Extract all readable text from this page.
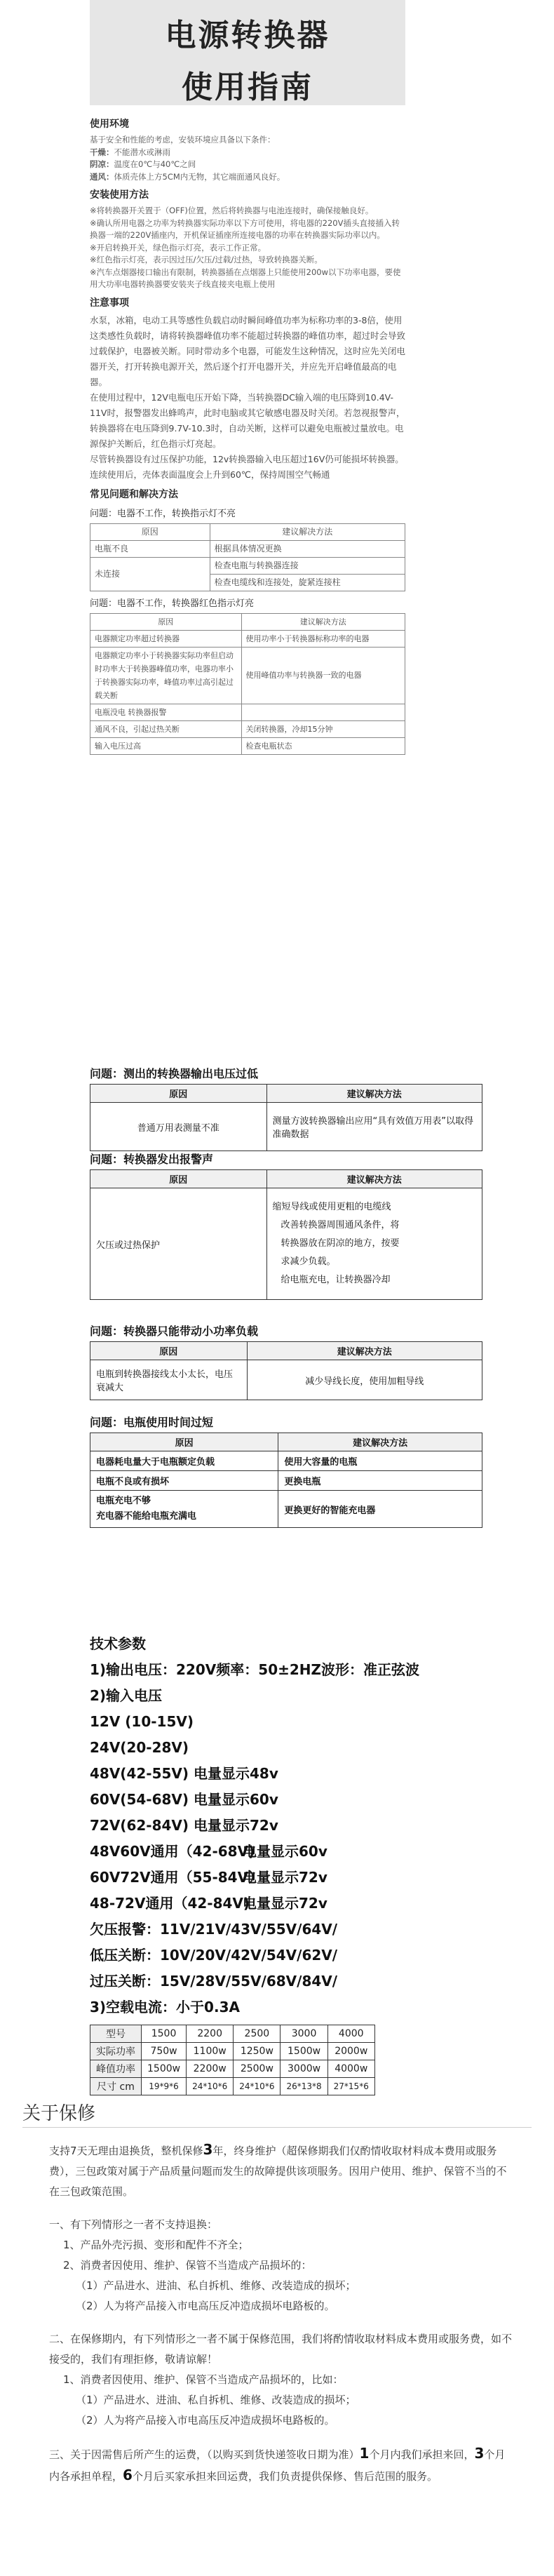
电源转换器
使用指南
使用环境

基于安全和性能的考虑，安装环境应具备以下条件：

干燥：不能潜水或淋雨

阴凉：温度在0℃与40℃之间

通风：体质壳体上方5CM内无物，其它端面通风良好。

安装使用方法

※将转换器开关置于（OFF)位置，然后将转换器与电池连接时，确保接触良好。

※确认所用电器之功率为转换器实际功率以下方可使用，将电器的220V插头直接插入转换器一端的220V插座内，开机保证插座所连接电器的功率在转换器实际功率以内。

※开启转换开关，绿色指示灯亮，表示工作正常。

※红色指示灯亮，表示因过压/欠压/过载/过热，导致转换器关断。

※汽车点烟器接口输出有限制，转换器插在点烟器上只能使用200w以下功率电器，要使用大功率电器转换器要安装夹子线直接夹电瓶上使用

注意事项

水泵，冰箱，电动工具等感性负载启动时瞬间峰值功率为标称功率的3-8倍，使用这类感性负载时，请将转换器峰值功率不能超过转换器的峰值功率，超过时会导致过载保护，电器被关断。同时带动多个电器，可能发生这种情况，这时应先关闭电器开关，打开转换电源开关，然后逐个打开电器开关，并应先开启峰值最高的电器。

在使用过程中，12V电瓶电压开始下降，当转换器DC输入端的电压降到10.4V-11V时，报警器发出蜂鸣声，此时电脑或其它敏感电器及时关闭。若忽视报警声，转换器将在电压降到9.7V-10.3时，自动关断，这样可以避免电瓶被过量放电。电源保护关断后，红色指示灯亮起。

尽管转换器设有过压保护功能，12v转换器输入电压超过16V仍可能损坏转换器。

连续使用后，壳体表面温度会上升到60℃，保持周围空气畅通

常见问题和解决方法
问题：电器不工作，转换指示灯不亮
原因	建议解决方法
电瓶不良	根据具体情况更换
未连接	检查电瓶与转换器连接
	检查电缆线和连接处，旋紧连接柱
问题：电器不工作，转换器红色指示灯亮
原因	建议解决方法
电器额定功率超过转换器	使用功率小于转换器标称功率的电器
电器额定功率小于转换器实际功率但启动时功率大于转换器峰值功率，电器功率小于转换器实际功率，峰值功率过高引起过载关断	使用峰值功率与转换器一致的电器
电瓶没电 转换器报警	
通风不良，引起过热关断	关闭转换器，冷却15分钟
输入电压过高	检查电瓶状态
问题：测出的转换器输出电压过低
原因	建议解决方法
普通万用表测量不准	测量方波转换器输出应用“具有效值万用表”以取得准确数据
问题：转换器发出报警声
原因	建议解决方法
欠压或过热保护	缩短导线或使用更粗的电缆线
改善转换器周围通风条件，将
转换器放在阴凉的地方，按要
求减少负载。
给电瓶充电，让转换器冷却
问题：转换器只能带动小功率负载
原因	建议解决方法
电瓶到转换器接线太小太长，电压衰减大	减少导线长度，使用加粗导线
问题：电瓶使用时间过短
原因	建议解决方法
电器耗电量大于电瓶额定负载	使用大容量的电瓶
电瓶不良或有损坏	更换电瓶
电瓶充电不够
充电器不能给电瓶充满电	更换更好的智能充电器
技术参数
1)输出电压：220V频率：50±2HZ波形：准正弦波
2)输入电压
12V (10-15V)
24V(20-28V)
48V(42-55V) 电量显示48v
60V(54-68V) 电量显示60v
72V(62-84V) 电量显示72v
48V60V通用（42-68V)
电量显示60v
60V72V通用（55-84V）
电量显示72v
48-72V通用（42-84V)
电量显示72v
欠压报警：11V/21V/43V/55V/64V/
低压关断：10V/20V/42V/54V/62V/
过压关断：15V/28V/55V/68V/84V/
3)空载电流：小于0.3A
型号	1500	2200	2500	3000	4000
实际功率	750w	1100w	1250w	1500w	2000w
峰值功率	1500w	2200w	2500w	3000w	4000w
尺寸 cm	19*9*6	24*10*6	24*10*6	26*13*8	27*15*6
关于保修

支持7天无理由退换货，整机保修3年，终身维护（超保修期我们仅酌情收取材料成本费用或服务费），三包政策对属于产品质量问题而发生的故障提供该项服务。因用户使用、维护、保管不当的不在三包政策范围。

一、有下列情形之一者不支持退换：

1、产品外壳污损、变形和配件不齐全；

2、消费者因使用、维护、保管不当造成产品损坏的：

（1）产品进水、进油、私自拆机、维修、改装造成的损坏；

（2）人为将产品接入市电高压反冲造成损坏电路板的。

二、在保修期内，有下列情形之一者不属于保修范围，我们将酌情收取材料成本费用或服务费，如不接受的，我们有理拒修，敬请谅解！

1、消费者因使用、维护、保管不当造成产品损坏的，比如：

（1）产品进水、进油、私自拆机、维修、改装造成的损坏；

（2）人为将产品接入市电高压反冲造成损坏电路板的。

三、关于因需售后所产生的运费，（以购买到货快递签收日期为准）1个月内我们承担来回，3个月内各承担单程，6个月后买家承担来回运费，我们负责提供保修、售后范围的服务。
